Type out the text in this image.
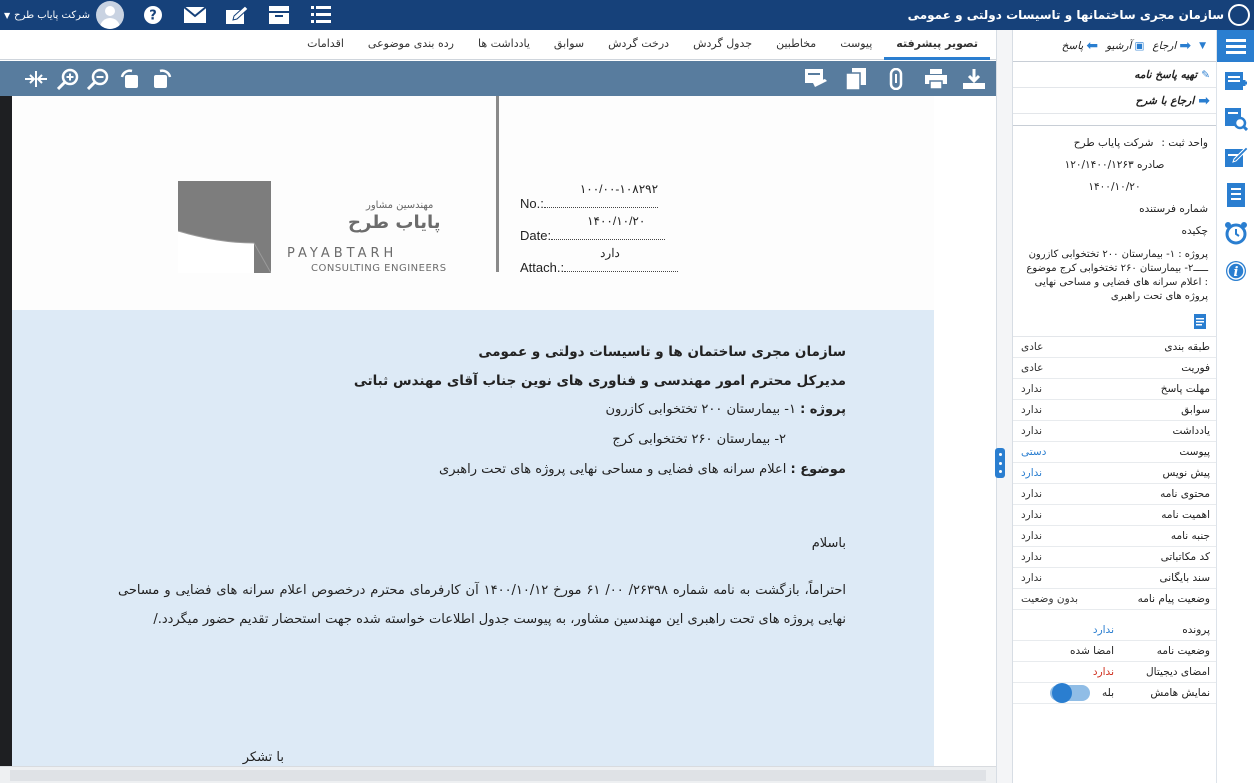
▼ شرکت پایاب طرح	?	سازمان مجری ساختمانها و تاسیسات دولتی و عمومی
تصویر پیشرفته
پیوست
مخاطبین
جدول گردش
درخت گردش
سوابق
یادداشت ها
رده بندی موضوعی
اقدامات
مهندسین مشاور
پایاب طرح
PAYABTARH
CONSULTING ENGINEERS
No.:
۱۰۰/۰۰-۱۰۸۲۹۲
Date:
۱۴۰۰/۱۰/۲۰
Attach.:
دارد
سازمان مجری ساختمان ها و تاسیسات دولتی و عمومی
مدیرکل محترم امور مهندسی و فناوری های نوین جناب آقای مهندس ثباتی
پروژه : ۱- بیمارستان ۲۰۰ تختخوابی کازرون
۲- بیمارستان ۲۶۰ تختخوابی کرج
موضوع : اعلام سرانه های فضایی و مساحی نهایی پروژه های تحت راهبری
باسلام
احتراماً، بازگشت به نامه شماره ۲۶۳۹۸/ ۰۰/ ۶۱ مورخ ۱۴۰۰/۱۰/۱۲ آن کارفرمای محترم درخصوص اعلام سرانه های فضایی و مساحی نهایی پروژه های تحت راهبری این مهندسین مشاور، به پیوست جدول اطلاعات خواسته شده جهت استحضار تقدیم حضور میگردد./
با تشکر
▼
➡
ارجاع
▣
آرشیو
⬅
پاسخ
✎
تهیه پاسخ نامه
➡
ارجاع با شرح
واحد ثبت :
شرکت پایاب طرح
صادره ۱۲۰/۱۴۰۰/۱۲۶۳
۱۴۰۰/۱۰/۲۰
شماره فرستنده
چکیده
پروژه : ۱- بیمارستان ۲۰۰ تختخوابی کازرون ـــــ۲- بیمارستان ۲۶۰ تختخوابی کرج موضوع : اعلام سرانه های فضایی و مساحی نهایی پروژه های تحت راهبری
طبقه بندی
عادی
فوریت
عادی
مهلت پاسخ
ندارد
سوابق
ندارد
یادداشت
ندارد
پیوست
دستی
پیش نویس
ندارد
محتوی نامه
ندارد
اهمیت نامه
ندارد
جنبه نامه
ندارد
کد مکاتباتی
ندارد
سند بایگانی
ندارد
وضعیت پیام نامه
بدون وضعیت
پرونده
ندارد
وضعیت نامه
امضا شده
امضای دیجیتال
ندارد
نمایش هامش
بله
i
